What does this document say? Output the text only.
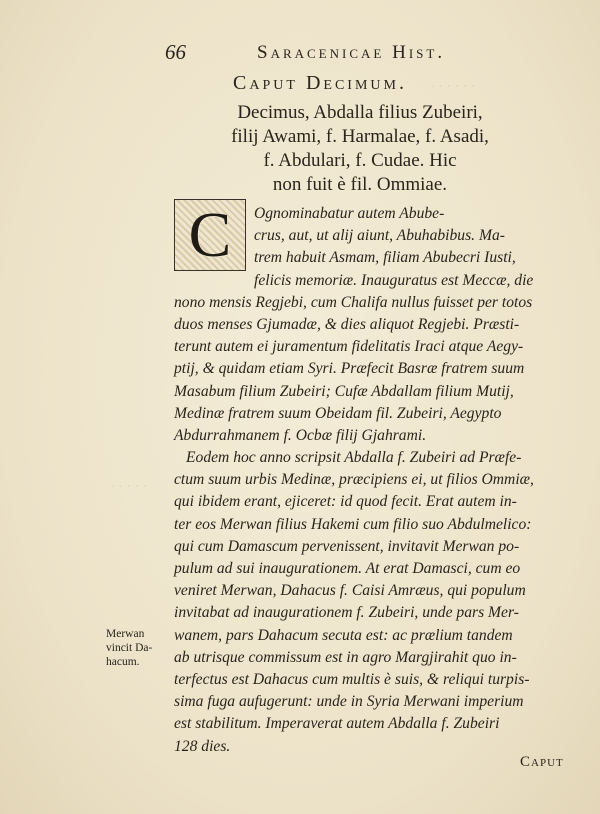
· · · · · ·
· · · · ·
66	Saracenicae Hist.
Caput Decimum.
Decimus, Abdalla filius Zubeiri,
filij Awami, f. Harmalae, f. Asadi,
f. Abdulari, f. Cudae. Hic
non fuit è fil. Ommiae.
C	Ognominabatur autem Abube-
crus, aut, ut alij aiunt, Abuhabibus. Ma-
trem habuit Asmam, filiam Abubecri Iusti,
felicis memoriæ. Inauguratus est Meccæ, die
nono mensis Regjebi, cum Chalifa nullus fuisset per totos
duos menses Gjumadæ, & dies aliquot Regjebi. Præsti-
terunt autem ei juramentum fidelitatis Iraci atque Aegy-
ptij, & quidam etiam Syri. Præfecit Basræ fratrem suum
Masabum filium Zubeiri; Cufæ Abdallam filium Mutij,
Medinæ fratrem suum Obeidam fil. Zubeiri, Aegypto
Abdurrahmanem f. Ocbæ filij Gjahrami.
Eodem hoc anno scripsit Abdalla f. Zubeiri ad Præfe-
ctum suum urbis Medinæ, præcipiens ei, ut filios Ommiæ,
qui ibidem erant, ejiceret: id quod fecit. Erat autem in-
ter eos Merwan filius Hakemi cum filio suo Abdulmelico:
qui cum Damascum pervenissent, invitavit Merwan po-
pulum ad sui inaugurationem. At erat Damasci, cum eo
veniret Merwan, Dahacus f. Caisi Amræus, qui populum
invitabat ad inaugurationem f. Zubeiri, unde pars Mer-
wanem, pars Dahacum secuta est: ac prælium tandem
ab utrisque commissum est in agro Margjirahit quo in-
terfectus est Dahacus cum multis è suis, & reliqui turpis-
sima fuga aufugerunt: unde in Syria Merwani imperium
est stabilitum. Imperaverat autem Abdalla f. Zubeiri
128 dies.
Merwan
vincit Da-
hacum.
Caput
